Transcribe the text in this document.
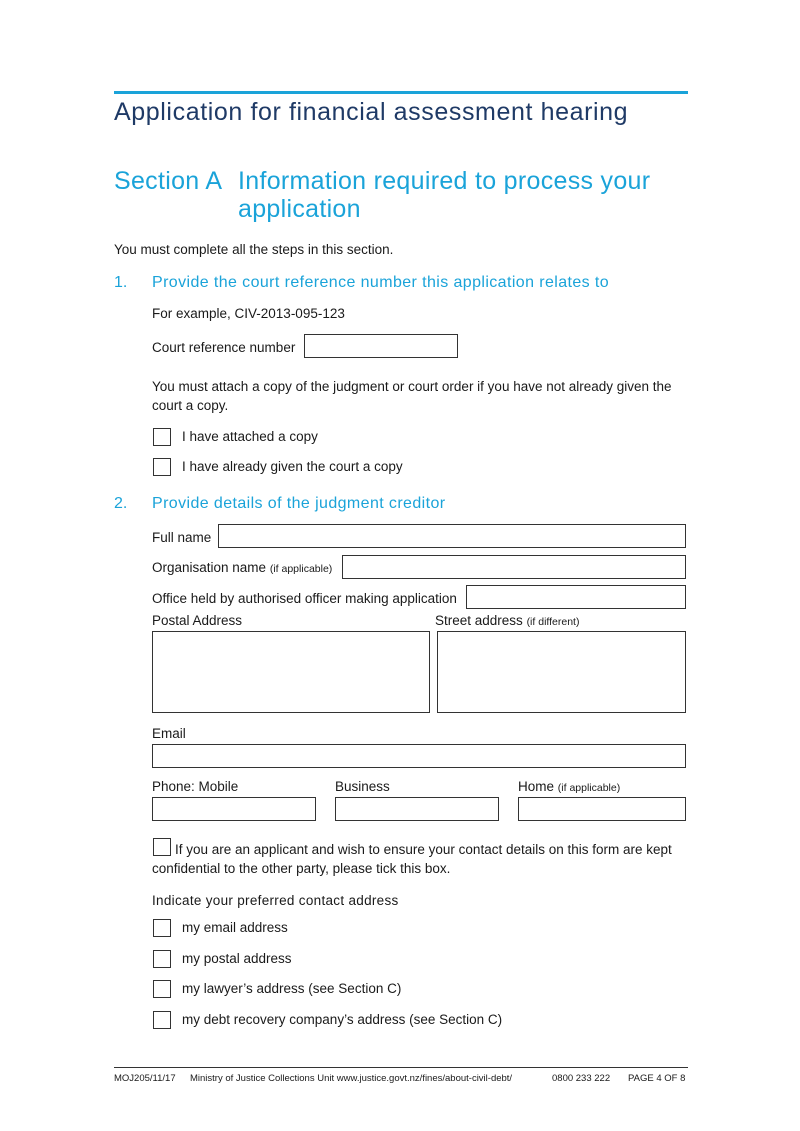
Application for financial assessment hearing
Section A Information required to process your application
You must complete all the steps in this section.
1. Provide the court reference number this application relates to
For example, CIV-2013-095-123
Court reference number
You must attach a copy of the judgment or court order if you have not already given the court a copy.
I have attached a copy
I have already given the court a copy
2. Provide details of the judgment creditor
Full name
Organisation name (if applicable)
Office held by authorised officer making application
Postal Address	Street address (if different)
Email
Phone: Mobile	Business	Home (if applicable)
If you are an applicant and wish to ensure your contact details on this form are kept confidential to the other party, please tick this box.
Indicate your preferred contact address
my email address
my postal address
my lawyer’s address (see Section C)
my debt recovery company’s address (see Section C)
MOJ205/11/17 Ministry of Justice Collections Unit www.justice.govt.nz/fines/about-civil-debt/	0800 233 222 PAGE 4 OF 8
